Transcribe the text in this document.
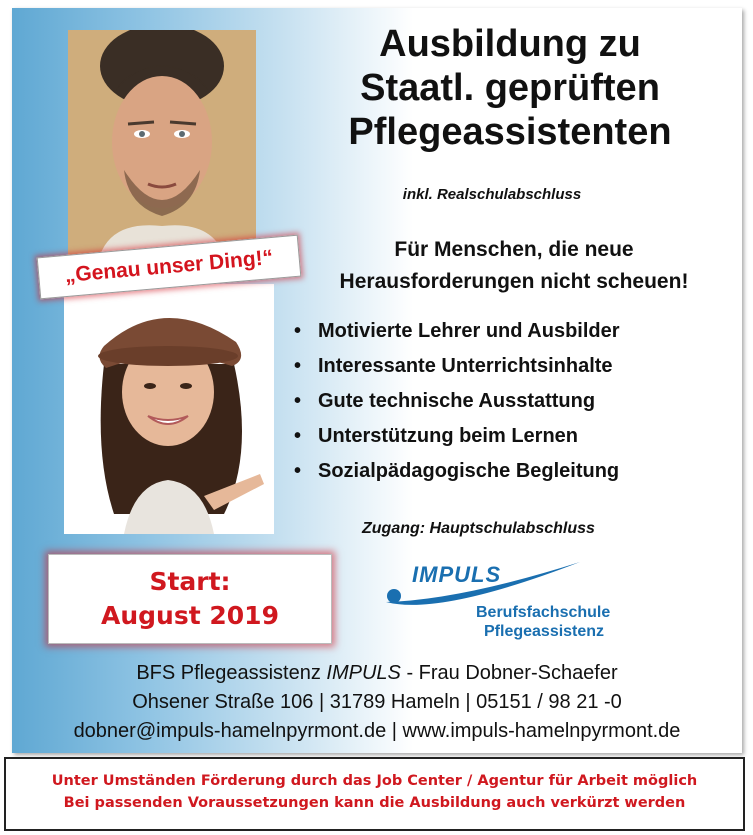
Ausbildung zu
Staatl. geprüften
Pflegeassistenten
inkl. Realschulabschluss
Für Menschen, die neue
Herausforderungen nicht scheuen!
„Genau unser Ding!“
• Motivierte Lehrer und Ausbilder
• Interessante Unterrichtsinhalte
• Gute technische Ausstattung
• Unterstützung beim Lernen
• Sozialpädagogische Begleitung
Zugang: Hauptschulabschluss
Start:
August 2019
IMPULS
Berufsfachschule
Pflegeassistenz
BFS Pflegeassistenz IMPULS - Frau Dobner-Schaefer
Ohsener Straße 106 | 31789 Hameln | 05151 / 98 21 -0
dobner@impuls-hamelnpyrmont.de | www.impuls-hamelnpyrmont.de
Unter Umständen Förderung durch das Job Center / Agentur für Arbeit möglich
Bei passenden Voraussetzungen kann die Ausbildung auch verkürzt werden
